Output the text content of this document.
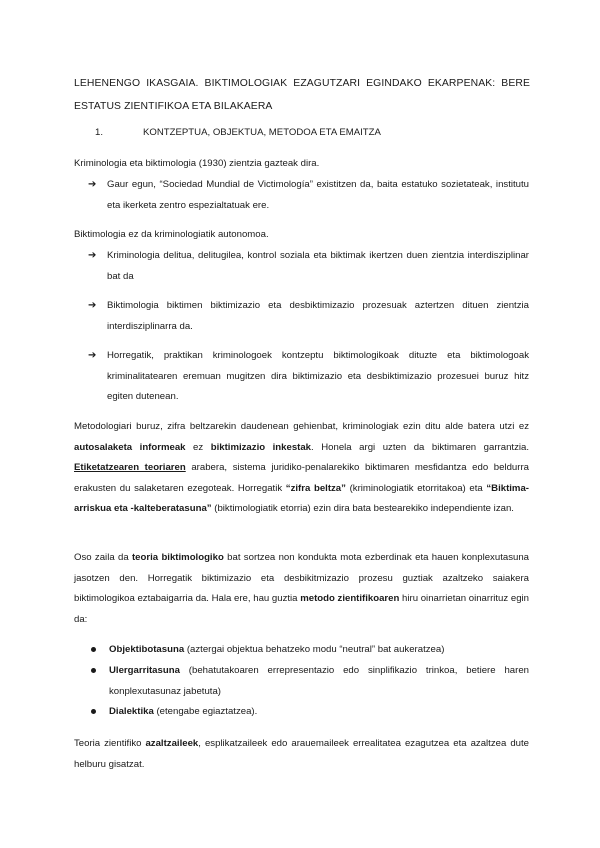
LEHENENGO IKASGAIA. BIKTIMOLOGIAK EZAGUTZARI EGINDAKO EKARPENAK: BERE
ESTATUS ZIENTIFIKOA ETA BILAKAERA
1.	KONTZEPTUA, OBJEKTUA, METODOA ETA EMAITZA
Kriminologia eta biktimologia (1930) zientzia gazteak dira.
➔	Gaur egun, “Sociedad Mundial de Victimología” existitzen da, baita estatuko sozietateak, institutu eta ikerketa zentro espezialtatuak ere.
Biktimologia ez da kriminologiatik autonomoa.
➔	Kriminologia delitua, delitugilea, kontrol soziala eta biktimak ikertzen duen zientzia interdisziplinar bat da
➔	Biktimologia biktimen biktimizazio eta desbiktimizazio prozesuak aztertzen dituen zientzia interdisziplinarra da.
➔	Horregatik, praktikan kriminologoek kontzeptu biktimologikoak dituzte eta biktimologoak kriminalitatearen eremuan mugitzen dira biktimizazio eta desbiktimizazio prozesuei buruz hitz egiten dutenean.
Metodologiari buruz, zifra beltzarekin daudenean gehienbat, kriminologiak ezin ditu alde batera utzi ez autosalaketa informeak ez biktimizazio inkestak. Honela argi uzten da biktimaren garrantzia. Etiketatzearen teoriaren arabera, sistema juridiko-penalarekiko biktimaren mesfidantza edo beldurra erakusten du salaketaren ezegoteak. Horregatik “zifra beltza” (kriminologiatik etorritakoa) eta “Biktima-arriskua eta -kalteberatasuna” (biktimologiatik etorria) ezin dira bata bestearekiko independiente izan.
Oso zaila da teoria biktimologiko bat sortzea non kondukta mota ezberdinak eta hauen konplexutasuna jasotzen den. Horregatik biktimizazio eta desbikitmizazio prozesu guztiak azaltzeko saiakera biktimologikoa eztabaigarria da. Hala ere, hau guztia metodo zientifikoaren hiru oinarrietan oinarrituz egin da:
Objektibotasuna (aztergai objektua behatzeko modu “neutral” bat aukeratzea)
Ulergarritasuna (behatutakoaren errepresentazio edo sinplifikazio trinkoa, betiere haren konplexutasunaz jabetuta)
Dialektika (etengabe egiaztatzea).
Teoria zientifiko azaltzaileek, esplikatzaileek edo arauemaileek errealitatea ezagutzea eta azaltzea dute helburu gisatzat.
